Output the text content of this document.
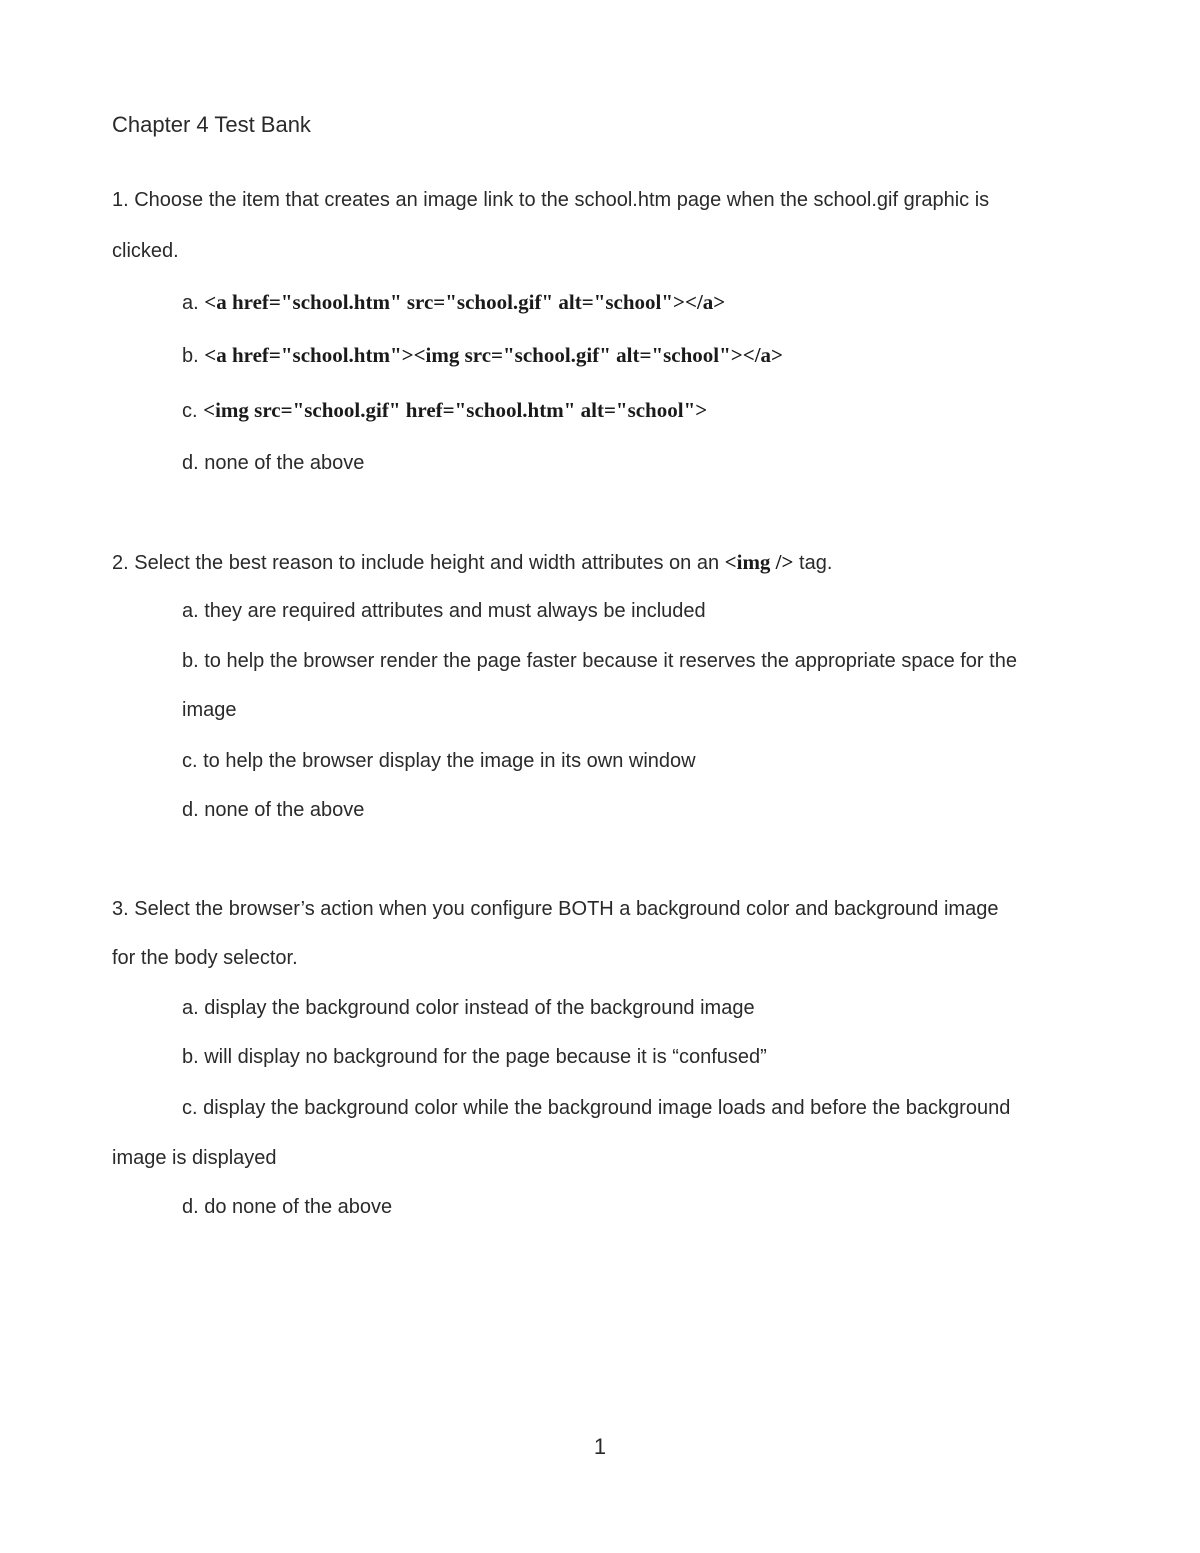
Chapter 4 Test Bank
1. Choose the item that creates an image link to the school.htm page when the school.gif graphic is
clicked.
a. <a href="school.htm" src="school.gif" alt="school"></a>
b. <a href="school.htm"><img src="school.gif" alt="school"></a>
c. <img src="school.gif" href="school.htm" alt="school">
d. none of the above
2. Select the best reason to include height and width attributes on an <img /> tag.
a. they are required attributes and must always be included
b. to help the browser render the page faster because it reserves the appropriate space for the
image
c. to help the browser display the image in its own window
d. none of the above
3. Select the browser’s action when you configure BOTH a background color and background image
for the body selector.
a. display the background color instead of the background image
b. will display no background for the page because it is “confused”
c. display the background color while the background image loads and before the background
image is displayed
d. do none of the above
1
